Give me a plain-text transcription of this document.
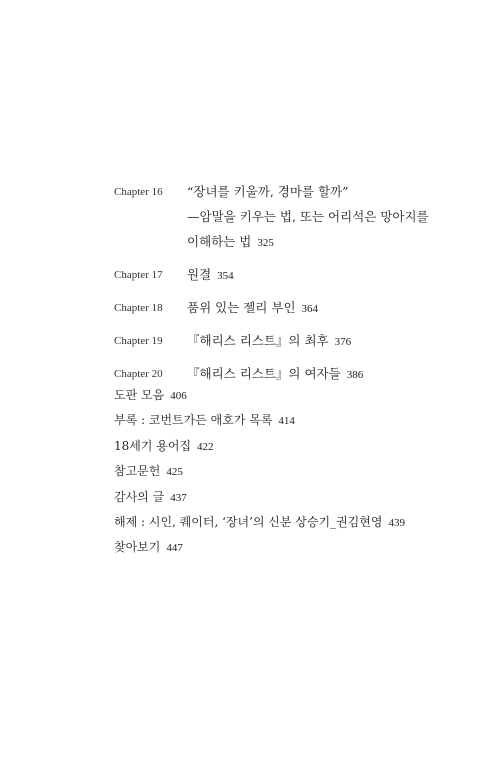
Chapter 16	“장녀를 키울까, 경마를 할까”
—암말을 키우는 법, 또는 어리석은 망아지를
이해하는 법 325
Chapter 17	원결 354
Chapter 18	품위 있는 젤리 부인 364
Chapter 19	『해리스 리스트』의 최후 376
Chapter 20	『해리스 리스트』의 여자들 386
도판 모음 406
부록 : 코번트가든 애호가 목록 414
18세기 용어집 422
참고문헌 425
감사의 글 437
해제 : 시인, 퀘이터, ‘장녀’의 신분 상승기_권김현영 439
찾아보기 447
